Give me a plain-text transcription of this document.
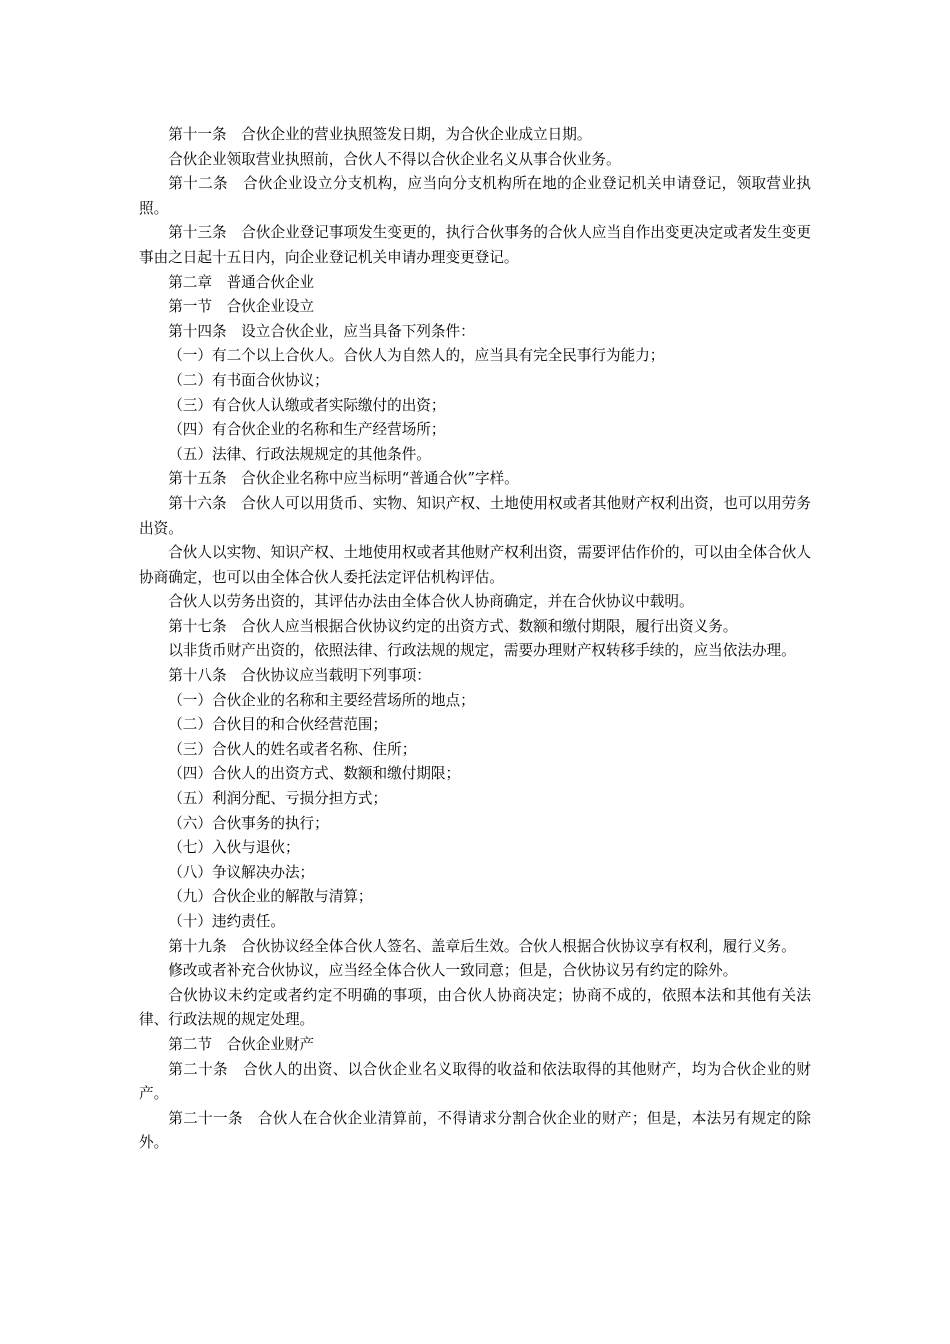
第十一条　合伙企业的营业执照签发日期，为合伙企业成立日期。

合伙企业领取营业执照前，合伙人不得以合伙企业名义从事合伙业务。

第十二条　合伙企业设立分支机构，应当向分支机构所在地的企业登记机关申请登记，领取营业执照。

第十三条　合伙企业登记事项发生变更的，执行合伙事务的合伙人应当自作出变更决定或者发生变更事由之日起十五日内，向企业登记机关申请办理变更登记。

第二章　普通合伙企业

第一节　合伙企业设立

第十四条　设立合伙企业，应当具备下列条件：

（一）有二个以上合伙人。合伙人为自然人的，应当具有完全民事行为能力；

（二）有书面合伙协议；

（三）有合伙人认缴或者实际缴付的出资；

（四）有合伙企业的名称和生产经营场所；

（五）法律、行政法规规定的其他条件。

第十五条　合伙企业名称中应当标明“普通合伙”字样。

第十六条　合伙人可以用货币、实物、知识产权、土地使用权或者其他财产权利出资，也可以用劳务出资。

合伙人以实物、知识产权、土地使用权或者其他财产权利出资，需要评估作价的，可以由全体合伙人协商确定，也可以由全体合伙人委托法定评估机构评估。

合伙人以劳务出资的，其评估办法由全体合伙人协商确定，并在合伙协议中载明。

第十七条　合伙人应当根据合伙协议约定的出资方式、数额和缴付期限，履行出资义务。

以非货币财产出资的，依照法律、行政法规的规定，需要办理财产权转移手续的，应当依法办理。

第十八条　合伙协议应当载明下列事项：

（一）合伙企业的名称和主要经营场所的地点；

（二）合伙目的和合伙经营范围；

（三）合伙人的姓名或者名称、住所；

（四）合伙人的出资方式、数额和缴付期限；

（五）利润分配、亏损分担方式；

（六）合伙事务的执行；

（七）入伙与退伙；

（八）争议解决办法；

（九）合伙企业的解散与清算；

（十）违约责任。

第十九条　合伙协议经全体合伙人签名、盖章后生效。合伙人根据合伙协议享有权利，履行义务。

修改或者补充合伙协议，应当经全体合伙人一致同意；但是，合伙协议另有约定的除外。

合伙协议未约定或者约定不明确的事项，由合伙人协商决定；协商不成的，依照本法和其他有关法律、行政法规的规定处理。

第二节　合伙企业财产

第二十条　合伙人的出资、以合伙企业名义取得的收益和依法取得的其他财产，均为合伙企业的财产。

第二十一条　合伙人在合伙企业清算前，不得请求分割合伙企业的财产；但是，本法另有规定的除外。
